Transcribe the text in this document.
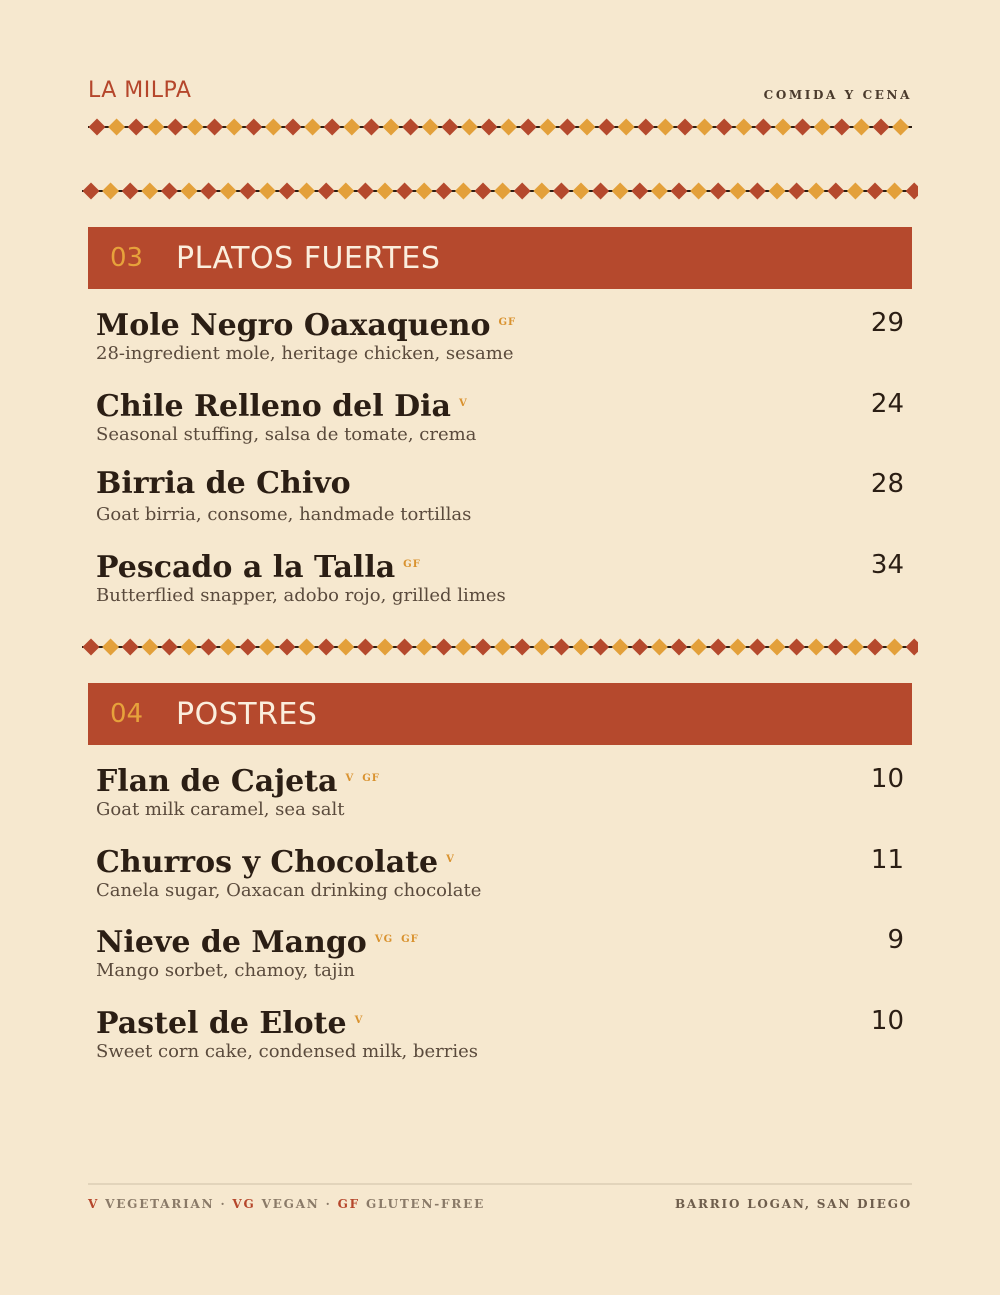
LA MILPA	COMIDA Y CENA
03	PLATOS FUERTES
Mole Negro Oaxaqueno $^{GF}$
28-ingredient mole, heritage chicken, sesame
29
Chile Relleno del Dia $^V$
Seasonal stuffing, salsa de tomate, crema
24
Birria de Chivo
Goat birria, consome, handmade tortillas
28
Pescado a la Talla $^{GF}$
Butterflied snapper, adobo rojo, grilled limes
34
04	POSTRES
Flan de Cajeta $^V$ $^{GF}$
Goat milk caramel, sea salt
10
Churros y Chocolate $^V$
Canela sugar, Oaxacan drinking chocolate
11
Nieve de Mango $^{VG}$ $^{GF}$
Mango sorbet, chamoy, tajin
9
Pastel de Elote $^V$
Sweet corn cake, condensed milk, berries
10
V VEGETARIAN · VG VEGAN · GF GLUTEN-FREE	BARRIO LOGAN, SAN DIEGO
